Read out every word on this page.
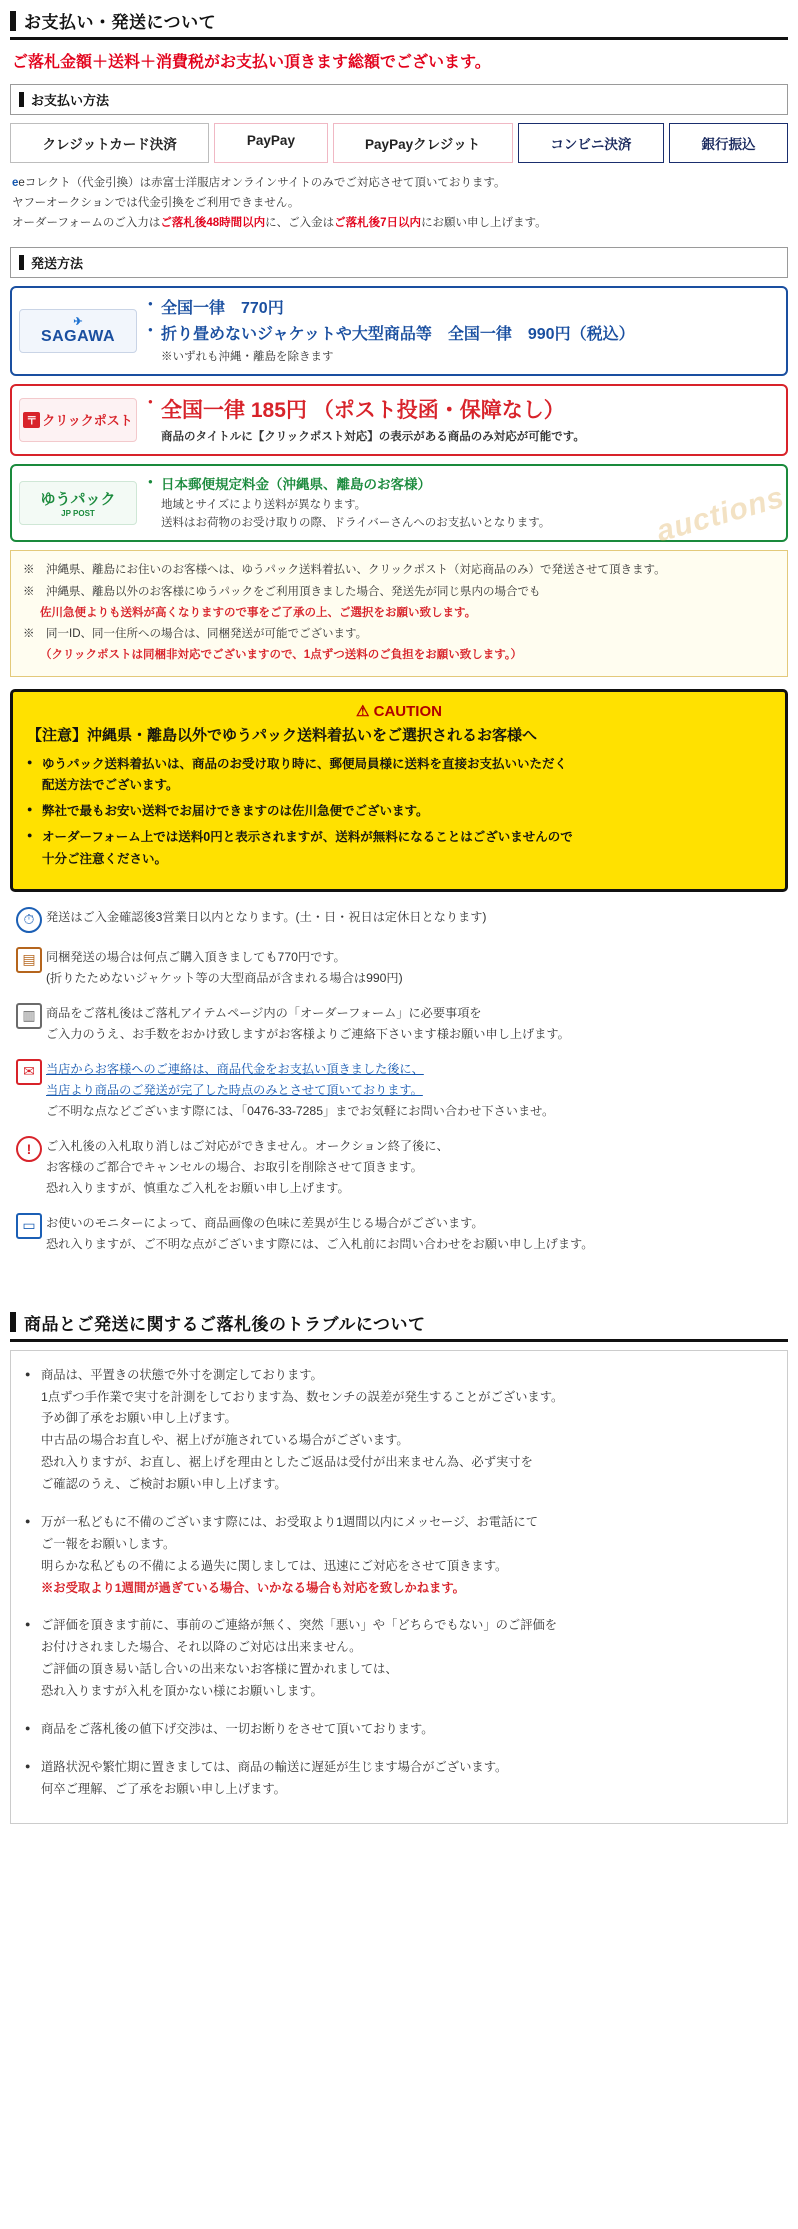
auctions
お支払い・発送について
ご落札金額＋送料＋消費税がお支払い頂きます総額でございます。
お支払い方法
クレジットカード決済	PayPay	PayPayクレジット	コンビニ決済	銀行振込
eeコレクト（代金引換）は赤富士洋服店オンラインサイトのみでご対応させて頂いております。
ヤフーオークションでは代金引換をご利用できません。
オーダーフォームのご入力はご落札後48時間以内に、ご入金はご落札後7日以内にお願い申し上げます。
発送方法
✈
SAGAWA
● 全国一律　770円
● 折り畳めないジャケットや大型商品等　全国一律　990円（税込）
※いずれも沖縄・離島を除きます
〒 クリックポスト	● 全国一律 185円 （ポスト投函・保障なし）
商品のタイトルに【クリックポスト対応】の表示がある商品のみ対応が可能です。
ゆうパック
JP POST
● 日本郵便規定料金（沖縄県、離島のお客様）
地域とサイズにより送料が異なります。
送料はお荷物のお受け取りの際、ドライバーさんへのお支払いとなります。
※　沖縄県、離島にお住いのお客様へは、ゆうパック送料着払い、クリックポスト（対応商品のみ）で発送させて頂きます。
※　沖縄県、離島以外のお客様にゆうパックをご利用頂きました場合、発送先が同じ県内の場合でも
佐川急便よりも送料が高くなりますので事をご了承の上、ご選択をお願い致します。
※　同一ID、同一住所への場合は、同梱発送が可能でございます。
（クリックポストは同梱非対応でございますので、1点ずつ送料のご負担をお願い致します。）
⚠ CAUTION
【注意】沖縄県・離島以外でゆうパック送料着払いをご選択されるお客様へ
● ゆうパック送料着払いは、商品のお受け取り時に、郵便局員様に送料を直接お支払いいただく
配送方法でございます。
● 弊社で最もお安い送料でお届けできますのは佐川急便でございます。
● オーダーフォーム上では送料0円と表示されますが、送料が無料になることはございませんので
十分ご注意ください。
⏱ 発送はご入金確認後3営業日以内となります。(土・日・祝日は定休日となります)
▤ 同梱発送の場合は何点ご購入頂きましても770円です。
(折りたためないジャケット等の大型商品が含まれる場合は990円)
▥ 商品をご落札後はご落札アイテムページ内の「オーダーフォーム」に必要事項を
ご入力のうえ、お手数をおかけ致しますがお客様よりご連絡下さいます様お願い申し上げます。
✉ 当店からお客様へのご連絡は、商品代金をお支払い頂きました後に、
当店より商品のご発送が完了した時点のみとさせて頂いております。
ご不明な点などございます際には、「0476-33-7285」までお気軽にお問い合わせ下さいませ。
!	ご入札後の入札取り消しはご対応ができません。オークション終了後に、
お客様のご都合でキャンセルの場合、お取引を削除させて頂きます。
恐れ入りますが、慎重なご入札をお願い申し上げます。
▭ お使いのモニターによって、商品画像の色味に差異が生じる場合がございます。
恐れ入りますが、ご不明な点がございます際には、ご入札前にお問い合わせをお願い申し上げます。
商品とご発送に関するご落札後のトラブルについて
● 商品は、平置きの状態で外寸を測定しております。
1点ずつ手作業で実寸を計測をしております為、数センチの誤差が発生することがございます。
予め御了承をお願い申し上げます。
中古品の場合お直しや、裾上げが施されている場合がございます。
恐れ入りますが、お直し、裾上げを理由としたご返品は受付が出来ません為、必ず実寸を
ご確認のうえ、ご検討お願い申し上げます。
● 万が一私どもに不備のございます際には、お受取より1週間以内にメッセージ、お電話にて
ご一報をお願いします。
明らかな私どもの不備による過失に関しましては、迅速にご対応をさせて頂きます。
※お受取より1週間が過ぎている場合、いかなる場合も対応を致しかねます。
● ご評価を頂きます前に、事前のご連絡が無く、突然「悪い」や「どちらでもない」のご評価を
お付けされました場合、それ以降のご対応は出来ません。
ご評価の頂き易い話し合いの出来ないお客様に置かれましては、
恐れ入りますが入札を頂かない様にお願いします。
● 商品をご落札後の値下げ交渉は、一切お断りをさせて頂いております。
● 道路状況や繁忙期に置きましては、商品の輸送に遅延が生じます場合がございます。
何卒ご理解、ご了承をお願い申し上げます。
